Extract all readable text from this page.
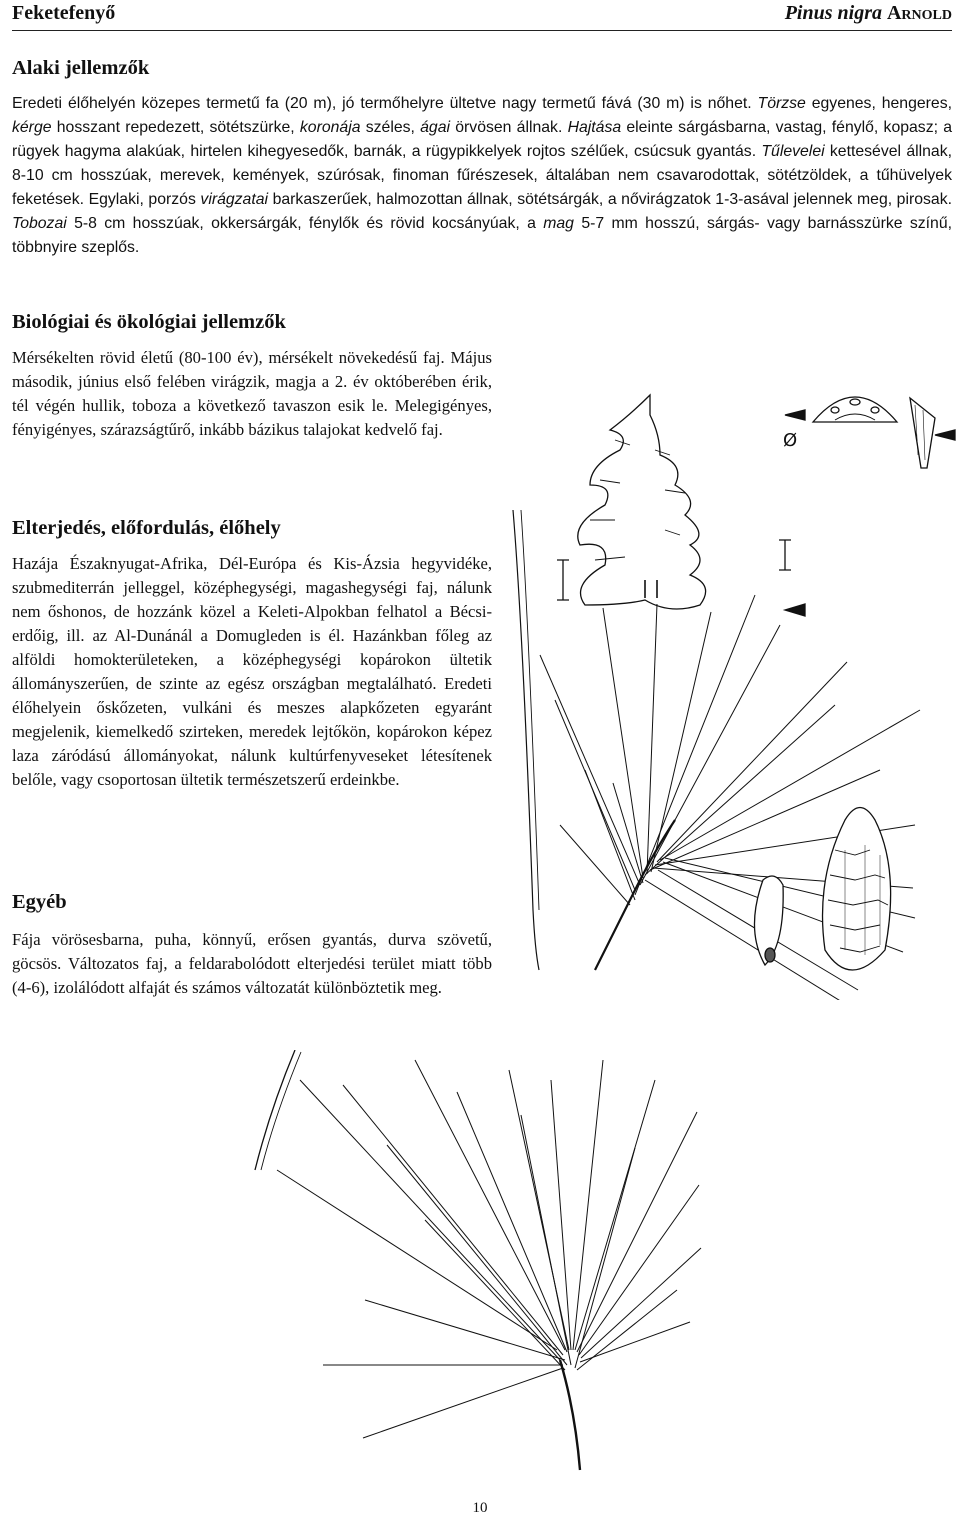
Feketefenyő	Pinus nigra Arnold
Alaki jellemzők

Eredeti élőhelyén közepes termetű fa (20 m), jó termőhelyre ültetve nagy termetű fává (30 m) is nőhet. Törzse egyenes, hengeres, kérge hosszant repedezett, sötétszürke, koronája széles, ágai örvösen állnak. Hajtása eleinte sárgásbarna, vastag, fénylő, kopasz; a rügyek hagyma alakúak, hirtelen kihegyesedők, barnák, a rügypikkelyek rojtos szélűek, csúcsuk gyantás. Tűlevelei kettesével állnak, 8-10 cm hosszúak, merevek, kemények, szúrósak, finoman fűrészesek, általában nem csavarodottak, sötétzöldek, a tűhüvelyek feketések. Egylaki, porzós virágzatai barkaszerűek, halmozottan állnak, sötétsárgák, a nővirágzatok 1-3-asával jelennek meg, pirosak. Tobozai 5-8 cm hosszúak, okkersárgák, fénylők és rövid kocsányúak, a mag 5-7 mm hosszú, sárgás- vagy barnásszürke színű, többnyire szeplős.

Biológiai és ökológiai jellemzők

Mérsékelten rövid életű (80-100 év), mérsékelt növekedésű faj. Május második, június első felében virágzik, magja a 2. év októberében érik, tél végén hullik, toboza a következő tavaszon esik le. Melegigényes, fényigényes, szárazságtűrő, inkább bázikus talajokat kedvelő faj.

Elterjedés, előfordulás, élőhely

Hazája Északnyugat-Afrika, Dél-Európa és Kis-Ázsia hegyvidéke, szubmediterrán jelleggel, középhegységi, magashegységi faj, nálunk nem őshonos, de hozzánk közel a Keleti-Alpokban felhatol a Bécsi-erdőig, ill. az Al-Dunánál a Domugleden is él. Hazánkban főleg az alföldi homokterületeken, a középhegységi kopárokon ültetik állományszerűen, de szinte az egész országban megtalálható. Eredeti élőhelyein őskőzeten, vulkáni és meszes alapkőzeten egyaránt megjelenik, kiemelkedő szirteken, meredek lejtőkön, kopárokon képez laza záródású állományokat, nálunk kultúrfenyveseket létesítenek belőle, vagy csoportosan ültetik természetszerű erdeinkbe.

Egyéb

Fája vörösesbarna, puha, könnyű, erősen gyantás, durva szövetű, göcsös. Változatos faj, a feldarabolódott elterjedési terület miatt több (4-6), izolálódott alfaját és számos változatát különböztetik meg.

Ø
10
